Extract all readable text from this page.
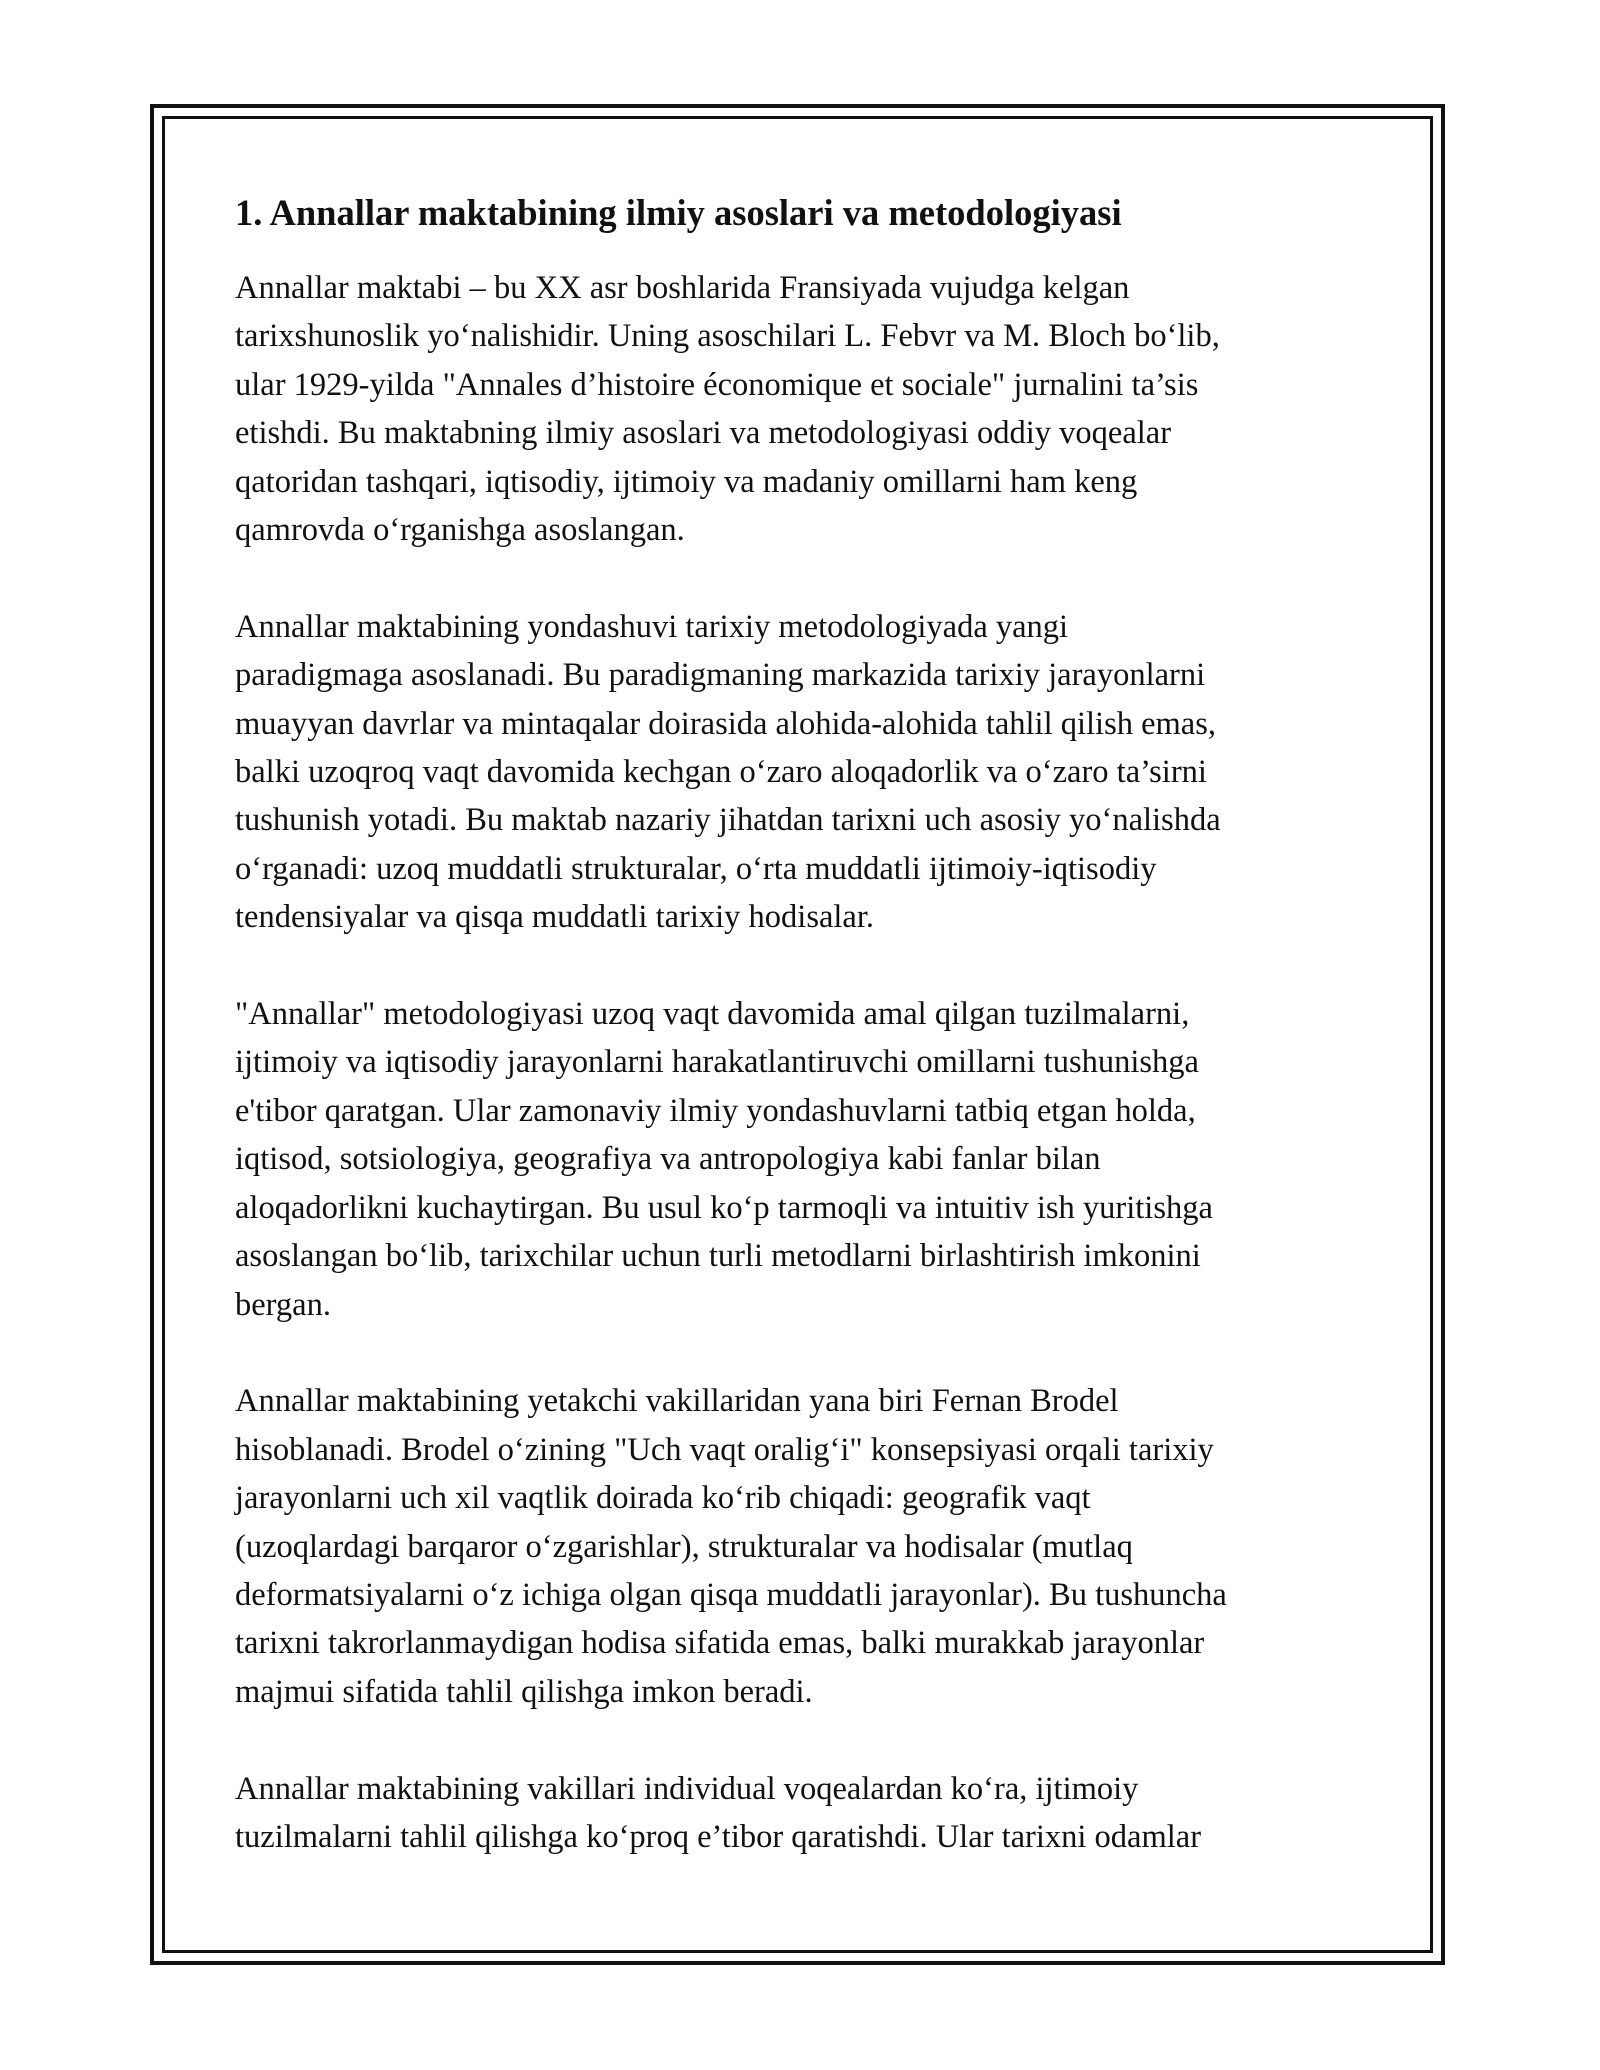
1. Annallar maktabining ilmiy asoslari va metodologiyasi

Annallar maktabi – bu XX asr boshlarida Fransiyada vujudga kelgan
tarixshunoslik yo‘nalishidir. Uning asoschilari L. Febvr va M. Bloch bo‘lib,
ular 1929-yilda "Annales d’histoire économique et sociale" jurnalini ta’sis
etishdi. Bu maktabning ilmiy asoslari va metodologiyasi oddiy voqealar
qatoridan tashqari, iqtisodiy, ijtimoiy va madaniy omillarni ham keng
qamrovda o‘rganishga asoslangan.

Annallar maktabining yondashuvi tarixiy metodologiyada yangi
paradigmaga asoslanadi. Bu paradigmaning markazida tarixiy jarayonlarni
muayyan davrlar va mintaqalar doirasida alohida-alohida tahlil qilish emas,
balki uzoqroq vaqt davomida kechgan o‘zaro aloqadorlik va o‘zaro ta’sirni
tushunish yotadi. Bu maktab nazariy jihatdan tarixni uch asosiy yo‘nalishda
o‘rganadi: uzoq muddatli strukturalar, o‘rta muddatli ijtimoiy-iqtisodiy
tendensiyalar va qisqa muddatli tarixiy hodisalar.

"Annallar" metodologiyasi uzoq vaqt davomida amal qilgan tuzilmalarni,
ijtimoiy va iqtisodiy jarayonlarni harakatlantiruvchi omillarni tushunishga
e'tibor qaratgan. Ular zamonaviy ilmiy yondashuvlarni tatbiq etgan holda,
iqtisod, sotsiologiya, geografiya va antropologiya kabi fanlar bilan
aloqadorlikni kuchaytirgan. Bu usul ko‘p tarmoqli va intuitiv ish yuritishga
asoslangan bo‘lib, tarixchilar uchun turli metodlarni birlashtirish imkonini
bergan.

Annallar maktabining yetakchi vakillaridan yana biri Fernan Brodel
hisoblanadi. Brodel o‘zining "Uch vaqt oralig‘i" konsepsiyasi orqali tarixiy
jarayonlarni uch xil vaqtlik doirada ko‘rib chiqadi: geografik vaqt
(uzoqlardagi barqaror o‘zgarishlar), strukturalar va hodisalar (mutlaq
deformatsiyalarni o‘z ichiga olgan qisqa muddatli jarayonlar). Bu tushuncha
tarixni takrorlanmaydigan hodisa sifatida emas, balki murakkab jarayonlar
majmui sifatida tahlil qilishga imkon beradi.

Annallar maktabining vakillari individual voqealardan ko‘ra, ijtimoiy
tuzilmalarni tahlil qilishga ko‘proq e’tibor qaratishdi. Ular tarixni odamlar
